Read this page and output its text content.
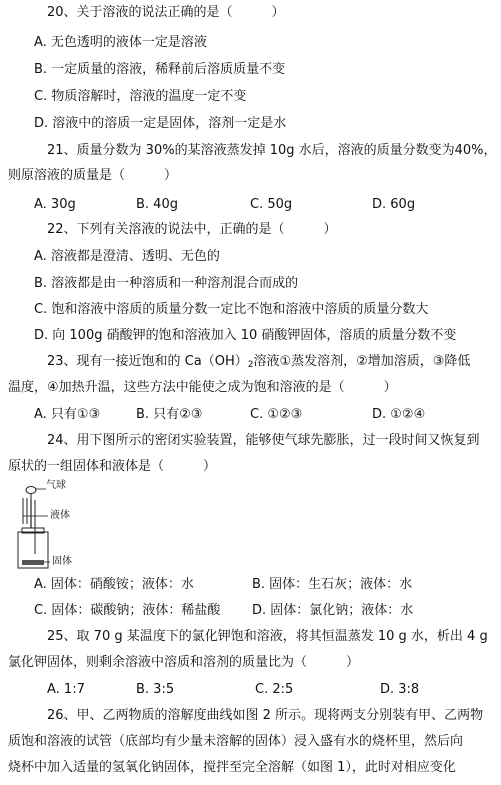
20、关于溶液的说法正确的是（　　　）
A. 无色透明的液体一定是溶液
B. 一定质量的溶液，稀释前后溶质质量不变
C. 物质溶解时，溶液的温度一定不变
D. 溶液中的溶质一定是固体，溶剂一定是水
21、质量分数为 30%的某溶液蒸发掉 10g 水后，溶液的质量分数变为40%，
则原溶液的质量是（　　　）
A. 30g	B. 40g	C. 50g	D. 60g
22、下列有关溶液的说法中，正确的是（　　　）
A. 溶液都是澄清、透明、无色的
B. 溶液都是由一种溶质和一种溶剂混合而成的
C. 饱和溶液中溶质的质量分数一定比不饱和溶液中溶质的质量分数大
D. 向 100g 硝酸钾的饱和溶液加入 10 硝酸钾固体，溶质的质量分数不变
23、现有一接近饱和的 $Ca(OH)_2$溶液①蒸发溶剂，②增加溶质，③降低
温度，④加热升温，这些方法中能使之成为饱和溶液的是（　　　）
A. 只有①③	B. 只有②③	C. ①②③	D. ①②④
24、用下图所示的密闭实验装置，能够使气球先膨胀，过一段时间又恢复到
原状的一组固体和液体是（　　　）
气球
液体
固体
A. 固体：硝酸铵；液体：水	B. 固体：生石灰；液体：水
C. 固体：碳酸钠；液体：稀盐酸 D. 固体：氯化钠；液体：水
25、取 70 g 某温度下的氯化钾饱和溶液，将其恒温蒸发 10 g 水，析出 4 g
氯化钾固体，则剩余溶液中溶质和溶剂的质量比为（　　　）
A. 1:7	B. 3:5	C. 2:5	D. 3:8
26、甲、乙两物质的溶解度曲线如图 2 所示。现将两支分别装有甲、乙两物
质饱和溶液的试管（底部均有少量未溶解的固体）浸入盛有水的烧杯里，然后向
烧杯中加入适量的氢氧化钠固体，搅拌至完全溶解（如图 1），此时对相应变化
